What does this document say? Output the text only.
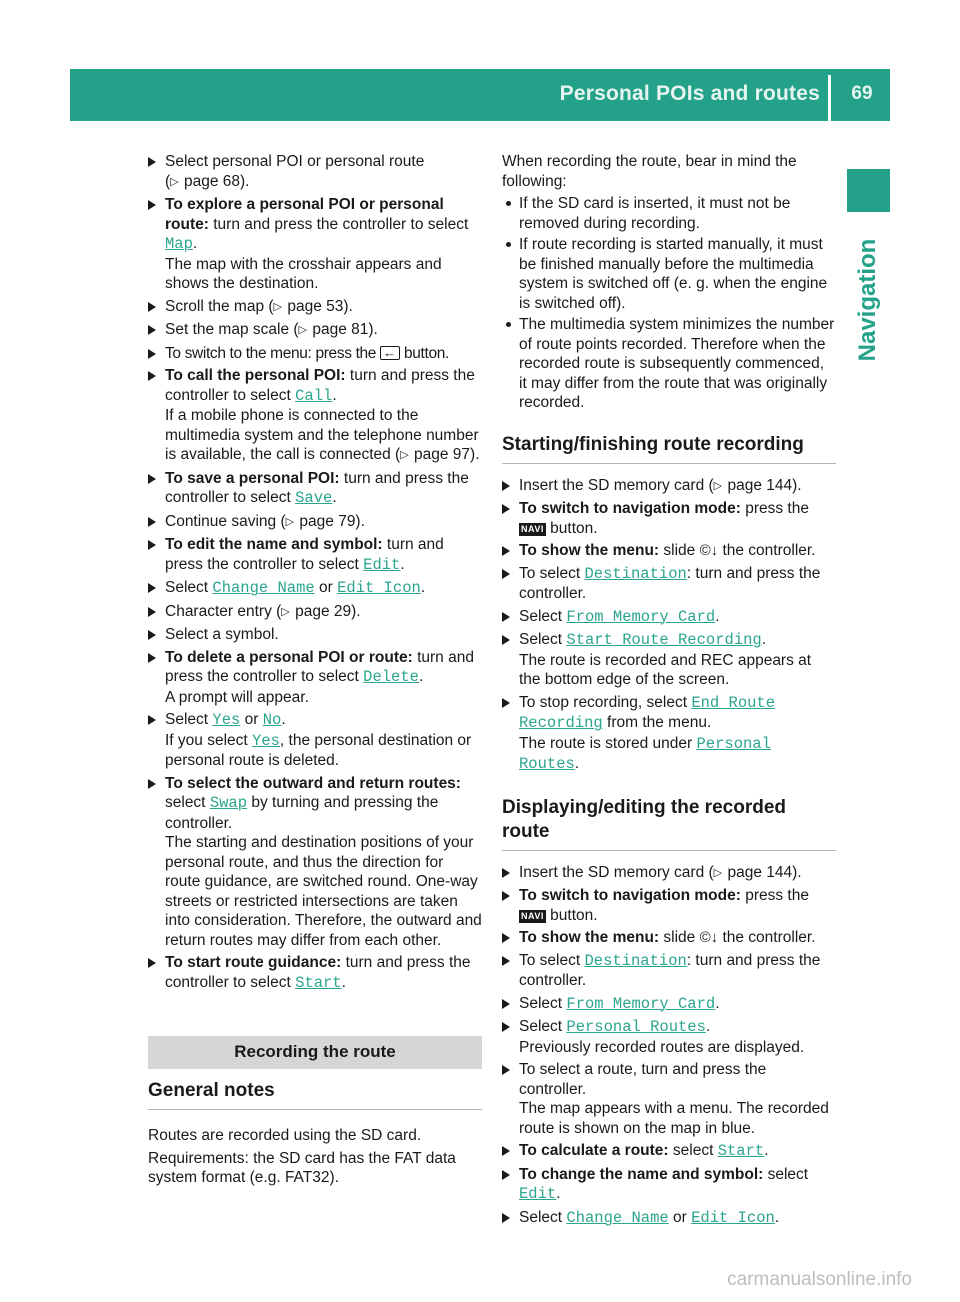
Personal POIs and routes	69
Navigation
Select personal POI or personal route
(▷ page 68).
To explore a personal POI or personal route: turn and press the controller to select Map.
The map with the crosshair appears and shows the destination.
Scroll the map (▷ page 53).
Set the map scale (▷ page 81).
To switch to the menu: press the ← button.
To call the personal POI: turn and press the controller to select Call.
If a mobile phone is connected to the multimedia system and the telephone number is available, the call is connected (▷ page 97).
To save a personal POI: turn and press the controller to select Save.
Continue saving (▷ page 79).
To edit the name and symbol: turn and press the controller to select Edit.
Select Change Name or Edit Icon.
Character entry (▷ page 29).
Select a symbol.
To delete a personal POI or route: turn and press the controller to select Delete.
A prompt will appear.
Select Yes or No.
If you select Yes, the personal destination or personal route is deleted.
To select the outward and return routes:
select Swap by turning and pressing the controller.
The starting and destination positions of your personal route, and thus the direction for route guidance, are switched round. One-way streets or restricted intersections are taken into consideration. Therefore, the outward and return routes may differ from each other.
To start route guidance: turn and press the controller to select Start.
Recording the route
General notes
Routes are recorded using the SD card.
Requirements: the SD card has the FAT data system format (e.g. FAT32).
When recording the route, bear in mind the following:
If the SD card is inserted, it must not be removed during recording.
If route recording is started manually, it must be finished manually before the multimedia system is switched off (e. g. when the engine is switched off).
The multimedia system minimizes the number of route points recorded. Therefore when the recorded route is subsequently commenced, it may differ from the route that was originally recorded.
Starting/finishing route recording
Insert the SD memory card (▷ page 144).
To switch to navigation mode: press the
NAVI button.
To show the menu: slide ©↓ the controller.
To select Destination: turn and press the controller.
Select From Memory Card.
Select Start Route Recording.
The route is recorded and REC appears at the bottom edge of the screen.
To stop recording, select End Route Recording from the menu.
The route is stored under Personal Routes.
Displaying/editing the recorded route
Insert the SD memory card (▷ page 144).
To switch to navigation mode: press the
NAVI button.
To show the menu: slide ©↓ the controller.
To select Destination: turn and press the controller.
Select From Memory Card.
Select Personal Routes.
Previously recorded routes are displayed.
To select a route, turn and press the controller.
The map appears with a menu. The recorded route is shown on the map in blue.
To calculate a route: select Start.
To change the name and symbol: select Edit.
Select Change Name or Edit Icon.
carmanualsonline.info
